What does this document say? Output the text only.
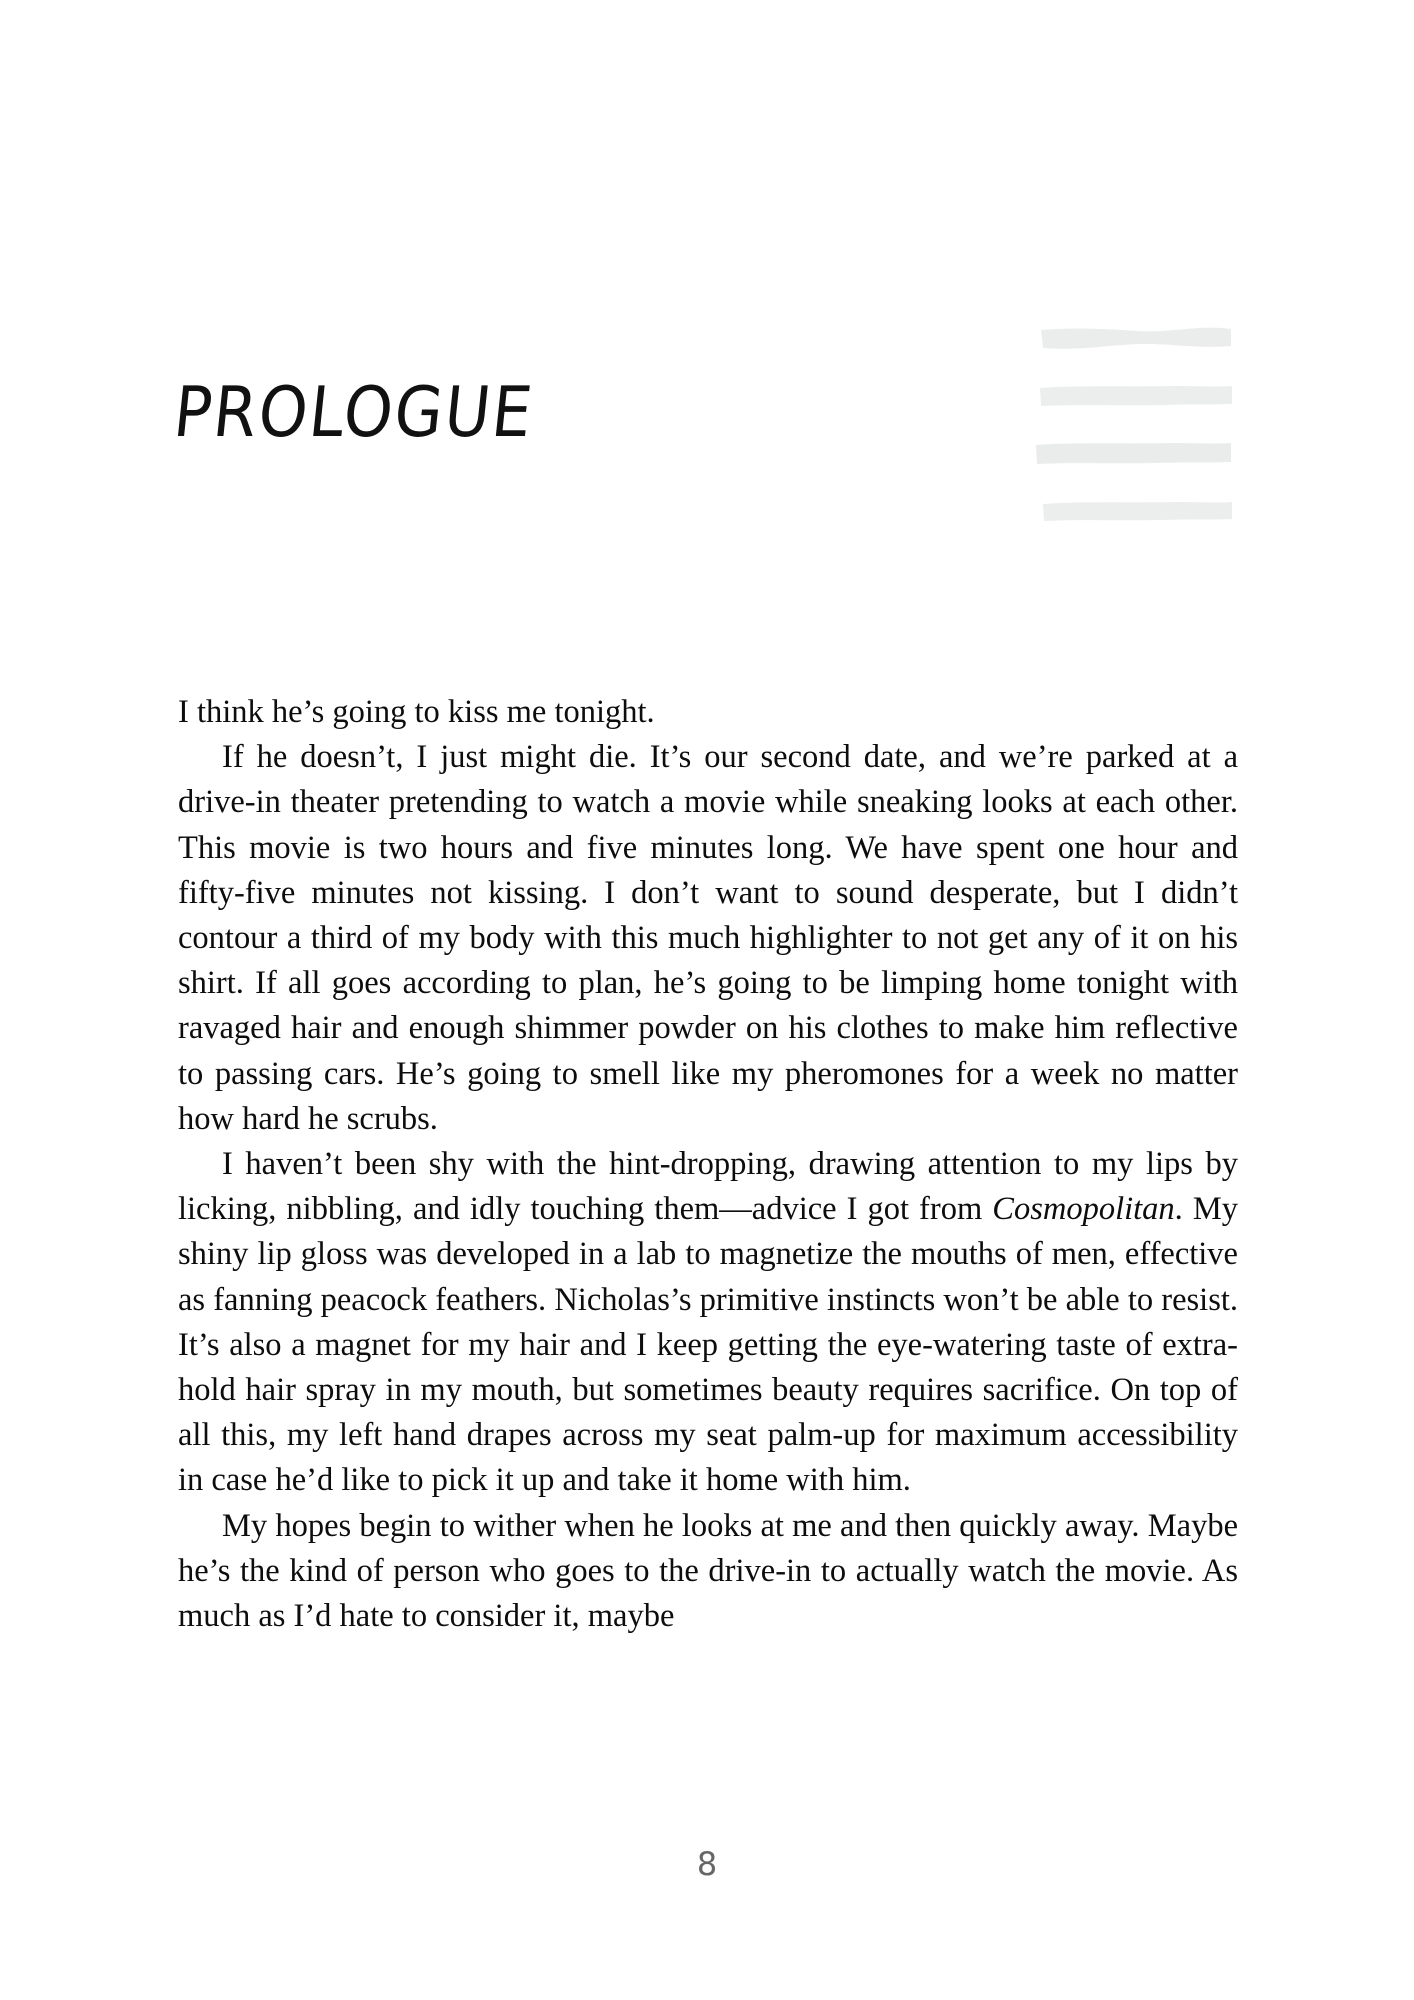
PROLOGUE

I think he’s going to kiss me tonight.

If he doesn’t, I just might die. It’s our second date, and we’re parked at a drive-in theater pretending to watch a movie while sneaking looks at each other. This movie is two hours and five minutes long. We have spent one hour and fifty-five minutes not kissing. I don’t want to sound desperate, but I didn’t contour a third of my body with this much highlighter to not get any of it on his shirt. If all goes according to plan, he’s going to be limping home tonight with ravaged hair and enough shimmer powder on his clothes to make him reflective to passing cars. He’s going to smell like my pheromones for a week no matter how hard he scrubs.

I haven’t been shy with the hint-dropping, drawing attention to my lips by licking, nibbling, and idly touching them—advice I got from Cosmopolitan. My shiny lip gloss was developed in a lab to magnetize the mouths of men, effective as fanning peacock feathers. Nicholas’s primitive instincts won’t be able to resist. It’s also a magnet for my hair and I keep getting the eye-watering taste of extra-hold hair spray in my mouth, but sometimes beauty requires sacrifice. On top of all this, my left hand drapes across my seat palm-up for maximum accessibility in case he’d like to pick it up and take it home with him.

My hopes begin to wither when he looks at me and then quickly away. Maybe he’s the kind of person who goes to the drive-in to actually watch the movie. As much as I’d hate to consider it, maybe

8
